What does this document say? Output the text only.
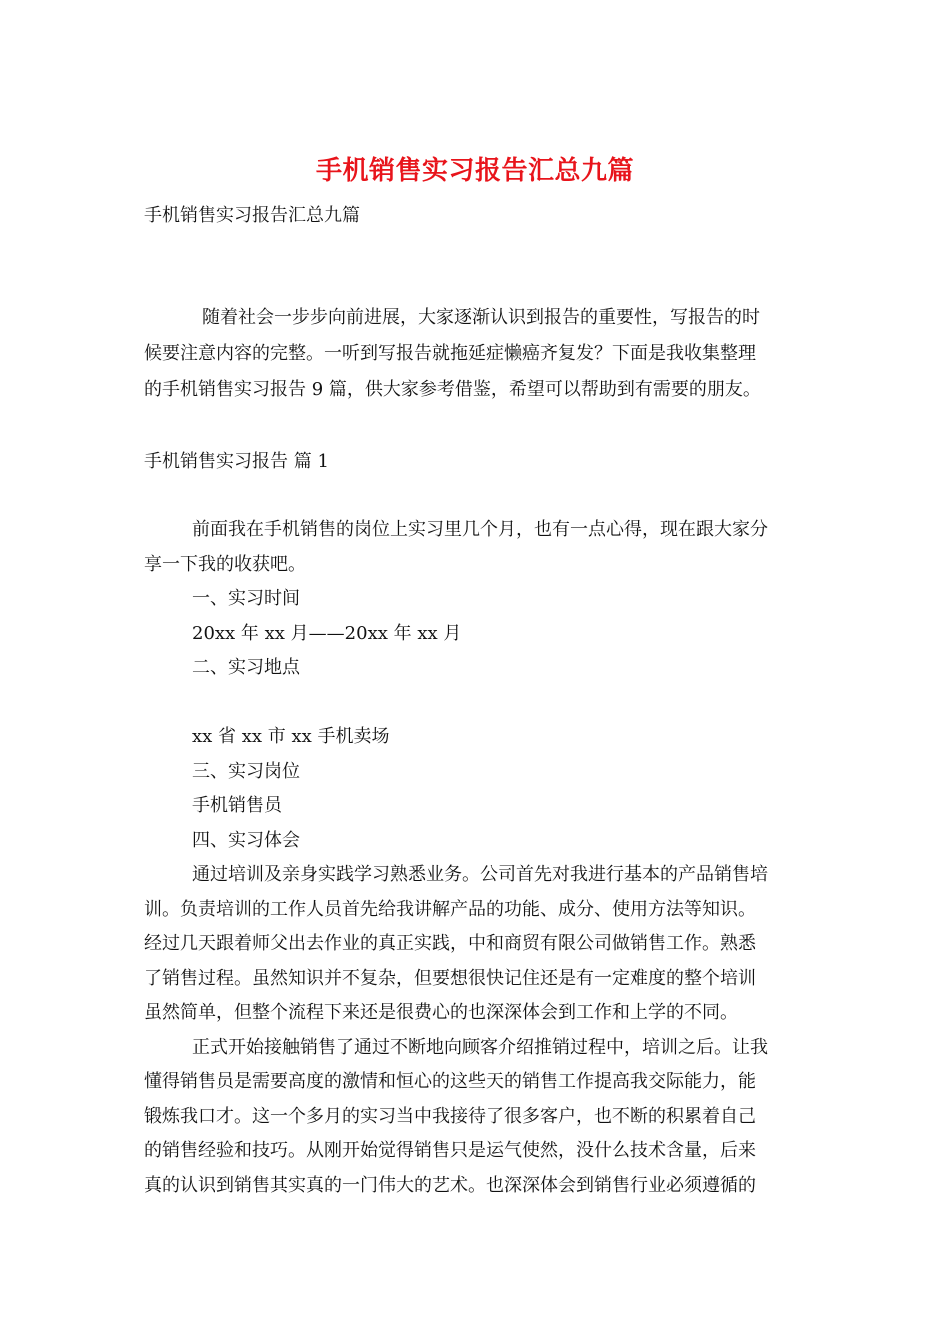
手机销售实习报告汇总九篇
手机销售实习报告汇总九篇
随着社会一步步向前进展，大家逐渐认识到报告的重要性，写报告的时
候要注意内容的完整。一听到写报告就拖延症懒癌齐复发？下面是我收集整理
的手机销售实习报告 9 篇，供大家参考借鉴，希望可以帮助到有需要的朋友。
手机销售实习报告 篇 1
前面我在手机销售的岗位上实习里几个月，也有一点心得，现在跟大家分
享一下我的收获吧。
一、实习时间
20xx 年 xx 月——20xx 年 xx 月
二、实习地点
xx 省 xx 市 xx 手机卖场
三、实习岗位
手机销售员
四、实习体会
通过培训及亲身实践学习熟悉业务。公司首先对我进行基本的产品销售培
训。负责培训的工作人员首先给我讲解产品的功能、成分、使用方法等知识。
经过几天跟着师父出去作业的真正实践，中和商贸有限公司做销售工作。熟悉
了销售过程。虽然知识并不复杂，但要想很快记住还是有一定难度的整个培训
虽然简单，但整个流程下来还是很费心的也深深体会到工作和上学的不同。
正式开始接触销售了通过不断地向顾客介绍推销过程中，培训之后。让我
懂得销售员是需要高度的激情和恒心的这些天的销售工作提高我交际能力，能
锻炼我口才。这一个多月的实习当中我接待了很多客户，也不断的积累着自己
的销售经验和技巧。从刚开始觉得销售只是运气使然，没什么技术含量，后来
真的认识到销售其实真的一门伟大的艺术。也深深体会到销售行业必须遵循的
